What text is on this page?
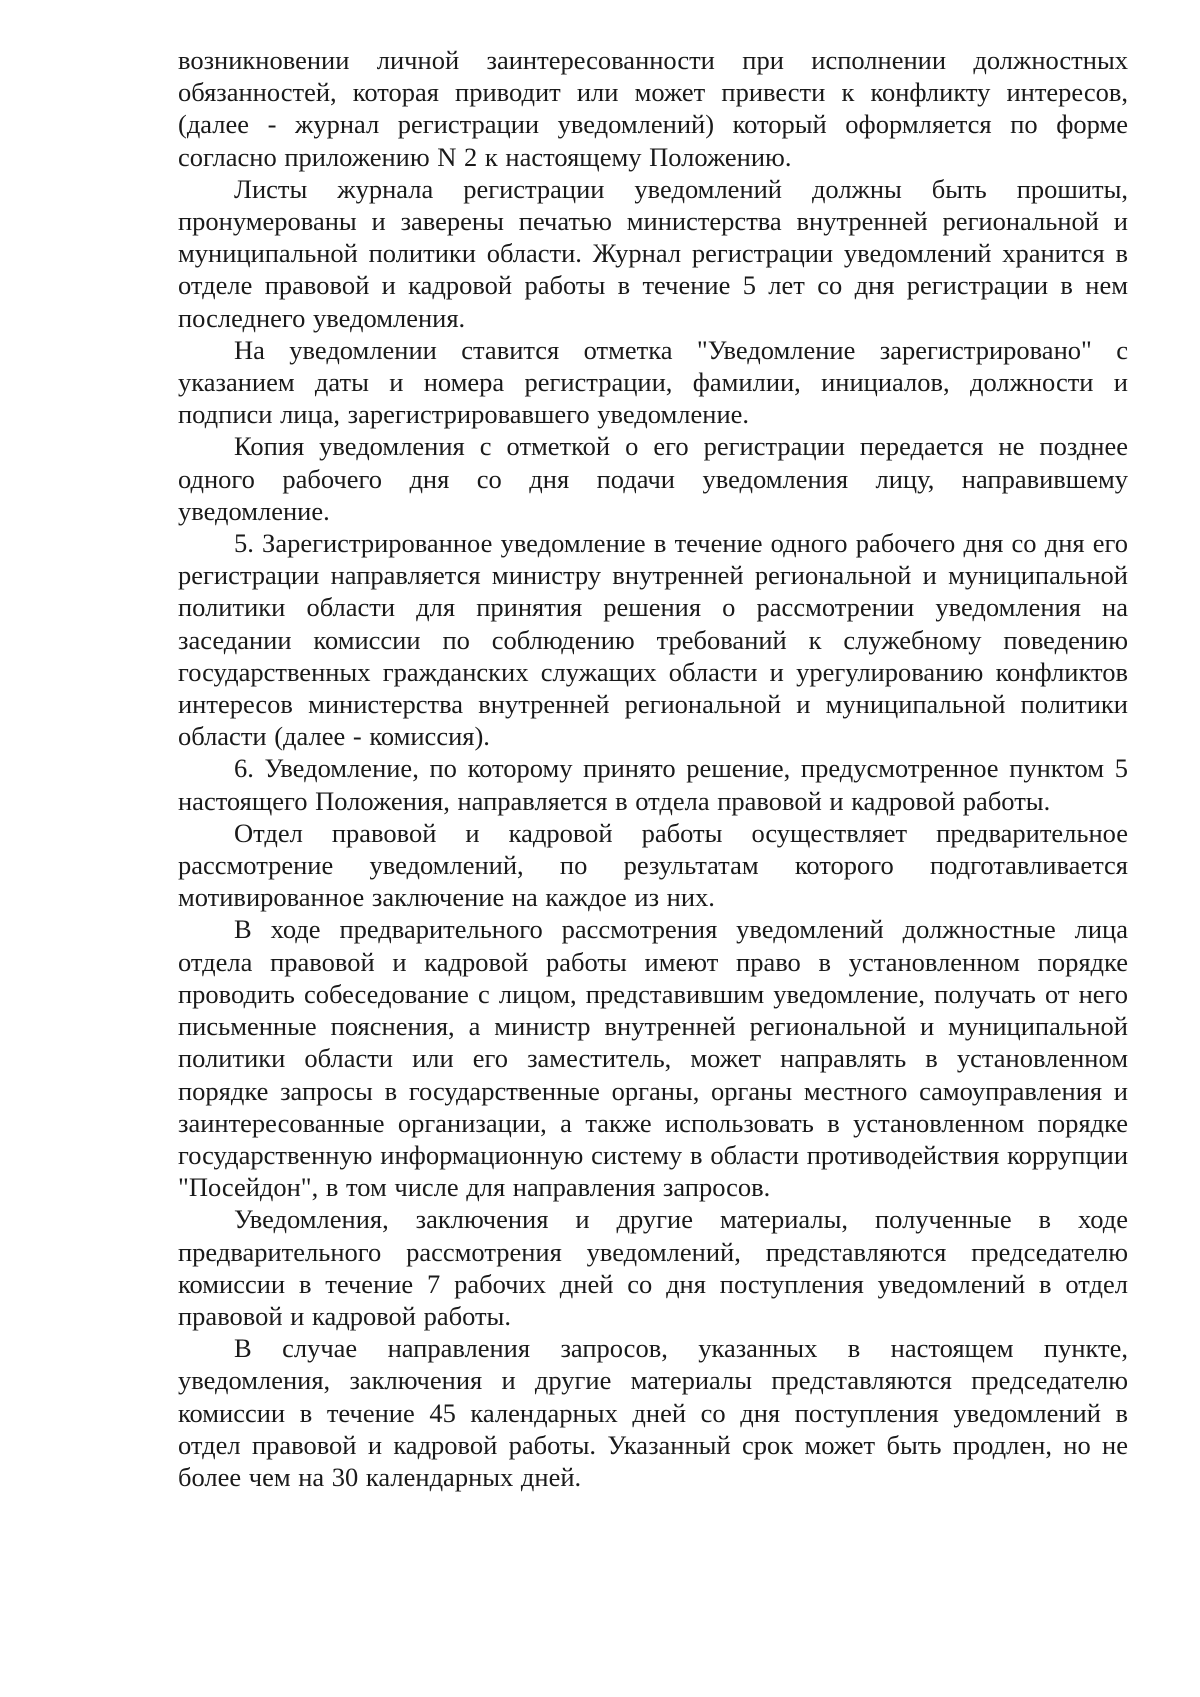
возникновении личной заинтересованности при исполнении должностных обязанностей, которая приводит или может привести к конфликту интересов, (далее - журнал регистрации уведомлений) который оформляется по форме согласно приложению N 2 к настоящему Положению.

Листы журнала регистрации уведомлений должны быть прошиты, пронумерованы и заверены печатью министерства внутренней региональной и муниципальной политики области. Журнал регистрации уведомлений хранится в отделе правовой и кадровой работы в течение 5 лет со дня регистрации в нем последнего уведомления.

На уведомлении ставится отметка "Уведомление зарегистрировано" с указанием даты и номера регистрации, фамилии, инициалов, должности и подписи лица, зарегистрировавшего уведомление.

Копия уведомления с отметкой о его регистрации передается не позднее одного рабочего дня со дня подачи уведомления лицу, направившему уведомление.

5. Зарегистрированное уведомление в течение одного рабочего дня со дня его регистрации направляется министру внутренней региональной и муниципальной политики области для принятия решения о рассмотрении уведомления на заседании комиссии по соблюдению требований к служебному поведению государственных гражданских служащих области и урегулированию конфликтов интересов министерства внутренней региональной и муниципальной политики области (далее - комиссия).

6. Уведомление, по которому принято решение, предусмотренное пунктом 5 настоящего Положения, направляется в отдела правовой и кадровой работы.

Отдел правовой и кадровой работы осуществляет предварительное рассмотрение уведомлений, по результатам которого подготавливается мотивированное заключение на каждое из них.

В ходе предварительного рассмотрения уведомлений должностные лица отдела правовой и кадровой работы имеют право в установленном порядке проводить собеседование с лицом, представившим уведомление, получать от него письменные пояснения, а министр внутренней региональной и муниципальной политики области или его заместитель, может направлять в установленном порядке запросы в государственные органы, органы местного самоуправления и заинтересованные организации, а также использовать в установленном порядке государственную информационную систему в области противодействия коррупции "Посейдон", в том числе для направления запросов.

Уведомления, заключения и другие материалы, полученные в ходе предварительного рассмотрения уведомлений, представляются председателю комиссии в течение 7 рабочих дней со дня поступления уведомлений в отдел правовой и кадровой работы.

В случае направления запросов, указанных в настоящем пункте, уведомления, заключения и другие материалы представляются председателю комиссии в течение 45 календарных дней со дня поступления уведомлений в отдел правовой и кадровой работы. Указанный срок может быть продлен, но не более чем на 30 календарных дней.
